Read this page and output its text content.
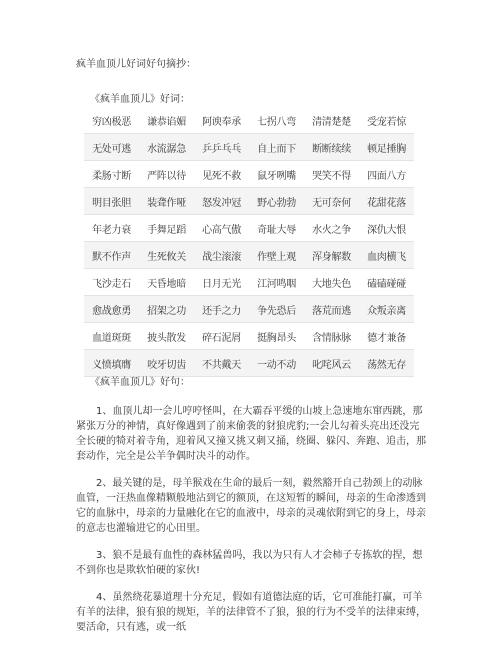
疯羊血顶儿好词好句摘抄：
《疯羊血顶儿》好词：
穷凶极恶	谦恭谄媚	阿谀奉承	七拐八弯	清清楚楚	受宠若惊
无处可逃	水流潺急	乒乒乓乓	自上而下	断断续续	顿足捶胸
柔肠寸断	严阵以待	见死不救	鼠牙咧嘴	哭笑不得	四面八方
明目张胆	装聋作哑	怒发冲冠	野心勃勃	无可奈何	花甜花落
年老力衰	手舞足蹈	心高气傲	奇耻大辱	水火之争	深仇大恨
默不作声	生死攸关	战尘滚滚	作壁上观	浑身解数	血肉横飞
飞沙走石	天昏地暗	日月无光	江河鸣咽	大地失色	磕磕碰碰
愈战愈勇	招架之功	还手之力	争先恐后	落荒而逃	众叛亲离
血道斑斑	披头散发	碎石泥屑	挺胸昂头	含情脉脉	德才兼备
义愤填膺	咬牙切齿	不共戴天	一动不动	叱咤风云	荡然无存
《疯羊血顶儿》好句：

1、血顶儿却一会儿哼哼怪叫，在大霸吞平缓的山坡上急速地东窜西跳，那紧张万分的神情，真好像遇到了前来偷袭的豺狼虎豹;一会儿勾着头亮出还没完全长硬的犄对着寺角，迎着风又撞又挑又刺又捅，绕圈、躲闪、奔跑、追击，那套动作，完全是公羊争偶时决斗的动作。

2、最关键的是，母羊猴戏在生命的最后一刻，毅然豁开自己勃颈上的动脉血管，一汪热血像精颗般地沾到它的额顶，在这短暂的瞬间，母亲的生命渗透到它的血脉中，母亲的力量融化在它的血液中，母亲的灵魂依附到它的身上，母亲的意志也灌输进它的心田里。

3、狼不是最有血性的森林猛兽吗，我以为只有人才会柿子专拣软的捏，想不到你也是欺软怕硬的家伙!

4、虽然绕花暴道理十分充足，假如有道德法庭的话，它可准能打赢，可羊有羊的法律，狼有狼的规矩，羊的法律管不了狼，狼的行为不受羊的法律束缚，要活命，只有逃，或一纸
